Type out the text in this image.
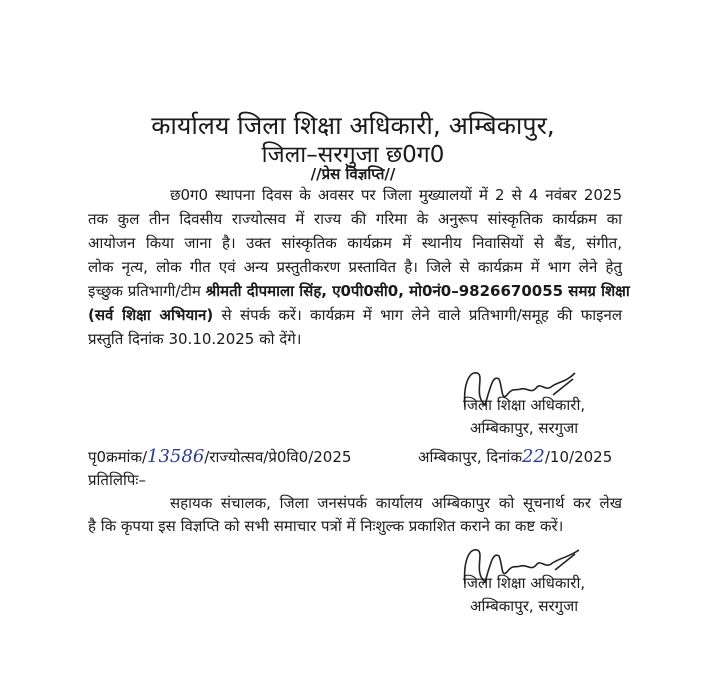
कार्यालय जिला शिक्षा अधिकारी, अम्बिकापुर,
जिला–सरगुजा छ0ग0
//प्रेस विज्ञप्ति//
छ0ग0 स्थापना दिवस के अवसर पर जिला मुख्यालयों में 2 से 4 नवंबर 2025
तक कुल तीन दिवसीय राज्योत्सव में राज्य की गरिमा के अनुरूप सांस्कृतिक कार्यक्रम का
आयोजन किया जाना है। उक्त सांस्कृतिक कार्यक्रम में स्थानीय निवासियों से बैंड, संगीत,
लोक नृत्य, लोक गीत एवं अन्य प्रस्तुतीकरण प्रस्तावित है। जिले से कार्यक्रम में भाग लेने हेतु
इच्छुक प्रतिभागी/टीम श्रीमती दीपमाला सिंह, ए0पी0सी0, मो0नं0–9826670055 समग्र शिक्षा
(सर्व शिक्षा अभियान) से संपर्क करें। कार्यक्रम में भाग लेने वाले प्रतिभागी/समूह की फाइनल
प्रस्तुति दिनांक 30.10.2025 को देंगे।
जिला शिक्षा अधिकारी,
अम्बिकापुर, सरगुजा
पृ0क्रमांक/13586/राज्योत्सव/प्रे0वि0/2025	अम्बिकापुर, दिनांक22/10/2025
प्रतिलिपिः–
सहायक संचालक, जिला जनसंपर्क कार्यालय अम्बिकापुर को सूचनार्थ कर लेख
है कि कृपया इस विज्ञप्ति को सभी समाचार पत्रों में निःशुल्क प्रकाशित कराने का कष्ट करें।
जिला शिक्षा अधिकारी,
अम्बिकापुर, सरगुजा
